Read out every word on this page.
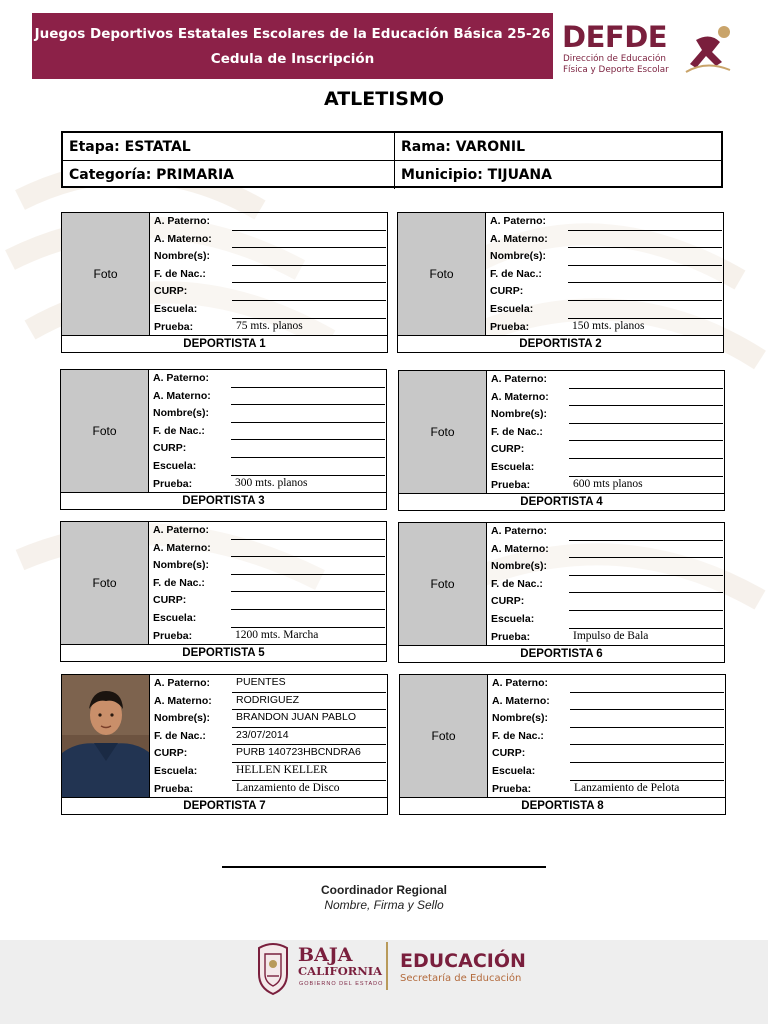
Juegos Deportivos Estatales Escolares de la Educación Básica 25-26
Cedula de Inscripción
DEFDE
Dirección de Educación
Física y Deporte Escolar
ATLETISMO
Etapa: ESTATAL	Rama: VARONIL
Categoría: PRIMARIA	Municipio: TIJUANA
Foto
A. Paterno:
A. Materno:
Nombre(s):
F. de Nac.:
CURP:
Escuela:
Prueba:	75 mts. planos
DEPORTISTA 1
Foto
A. Paterno:
A. Materno:
Nombre(s):
F. de Nac.:
CURP:
Escuela:
Prueba:	150 mts. planos
DEPORTISTA 2
Foto
A. Paterno:
A. Materno:
Nombre(s):
F. de Nac.:
CURP:
Escuela:
Prueba:	300 mts. planos
DEPORTISTA 3
Foto
A. Paterno:
A. Materno:
Nombre(s):
F. de Nac.:
CURP:
Escuela:
Prueba:	600 mts planos
DEPORTISTA 4
Foto
A. Paterno:
A. Materno:
Nombre(s):
F. de Nac.:
CURP:
Escuela:
Prueba:	1200 mts. Marcha
DEPORTISTA 5
Foto
A. Paterno:
A. Materno:
Nombre(s):
F. de Nac.:
CURP:
Escuela:
Prueba:	Impulso de Bala
DEPORTISTA 6
A. Paterno: PUENTES
A. Materno: RODRIGUEZ
Nombre(s): BRANDON JUAN PABLO
F. de Nac.:	23/07/2014
CURP:	PURB 140723HBCNDRA6
Escuela:	HELLEN KELLER
Prueba:	Lanzamiento de Disco
DEPORTISTA 7
Foto
A. Paterno:
A. Materno:
Nombre(s):
F. de Nac.:
CURP:
Escuela:
Prueba:	Lanzamiento de Pelota
DEPORTISTA 8
Coordinador Regional
Nombre, Firma y Sello
BAJA
CALIFORNIA
GOBIERNO DEL ESTADO
EDUCACIÓN
Secretaría de Educación
